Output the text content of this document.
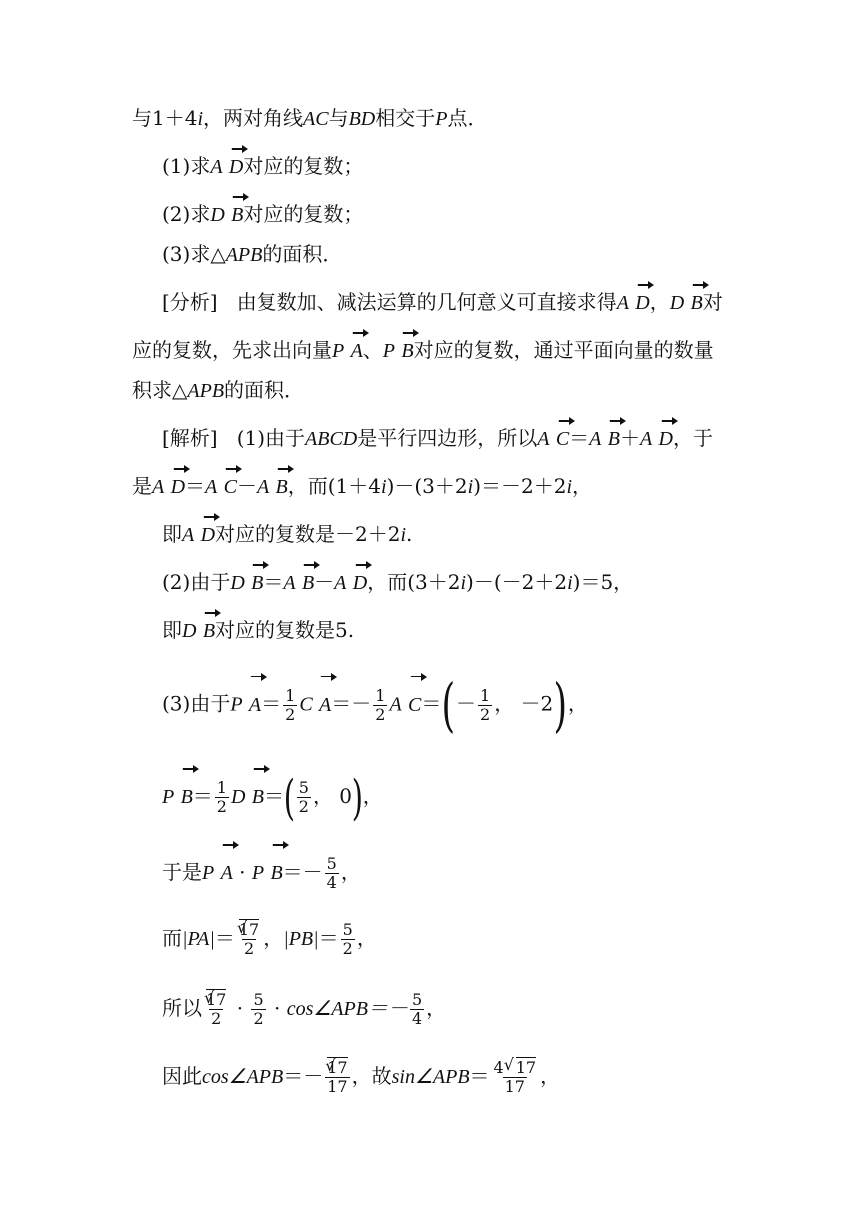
与1＋4i，两对角线AC与BD相交于P点．
(1)求A D对应的复数；
(2)求D B对应的复数；
(3)求△APB的面积．
[分析] 由复数加、减法运算的几何意义可直接求得A D，D B对
应的复数，先求出向量P A、P B对应的复数，通过平面向量的数量
积求△APB的面积．
[解析] (1)由于ABCD是平行四边形，所以A C＝A B＋A D，于
是A D＝A C－A B，而(1＋4i)－(3＋2i)＝－2＋2i，
即A D对应的复数是－2＋2i.
(2)由于D B＝A B－A D，而(3＋2i)－(－2＋2i)＝5，
即D B对应的复数是5.
(3)由于P $A= \frac{1}{2}$ C $A=- \frac{1}{2}$ A $C=(- \frac{1}{2}$ ， －2)，
P $B= \frac{1}{2}$ D $B=( \frac{5}{2}$ ， 0)，
于是P A · P $B=- \frac{5}{4}$ ，
而|PA|＝ √ $\frac{17}{2}$ ，$|PB|= \frac{5}{2}$ ，
所以 √ $\frac{17}{2} \cdot \frac{5}{2}$ · cos∠APB＝－ $\frac{5}{4}$ ，
因此cos∠APB＝－ √ $\frac{17}{17}$ ，故sin∠APB＝ $\frac{4 √ 17}{17}$ ，
